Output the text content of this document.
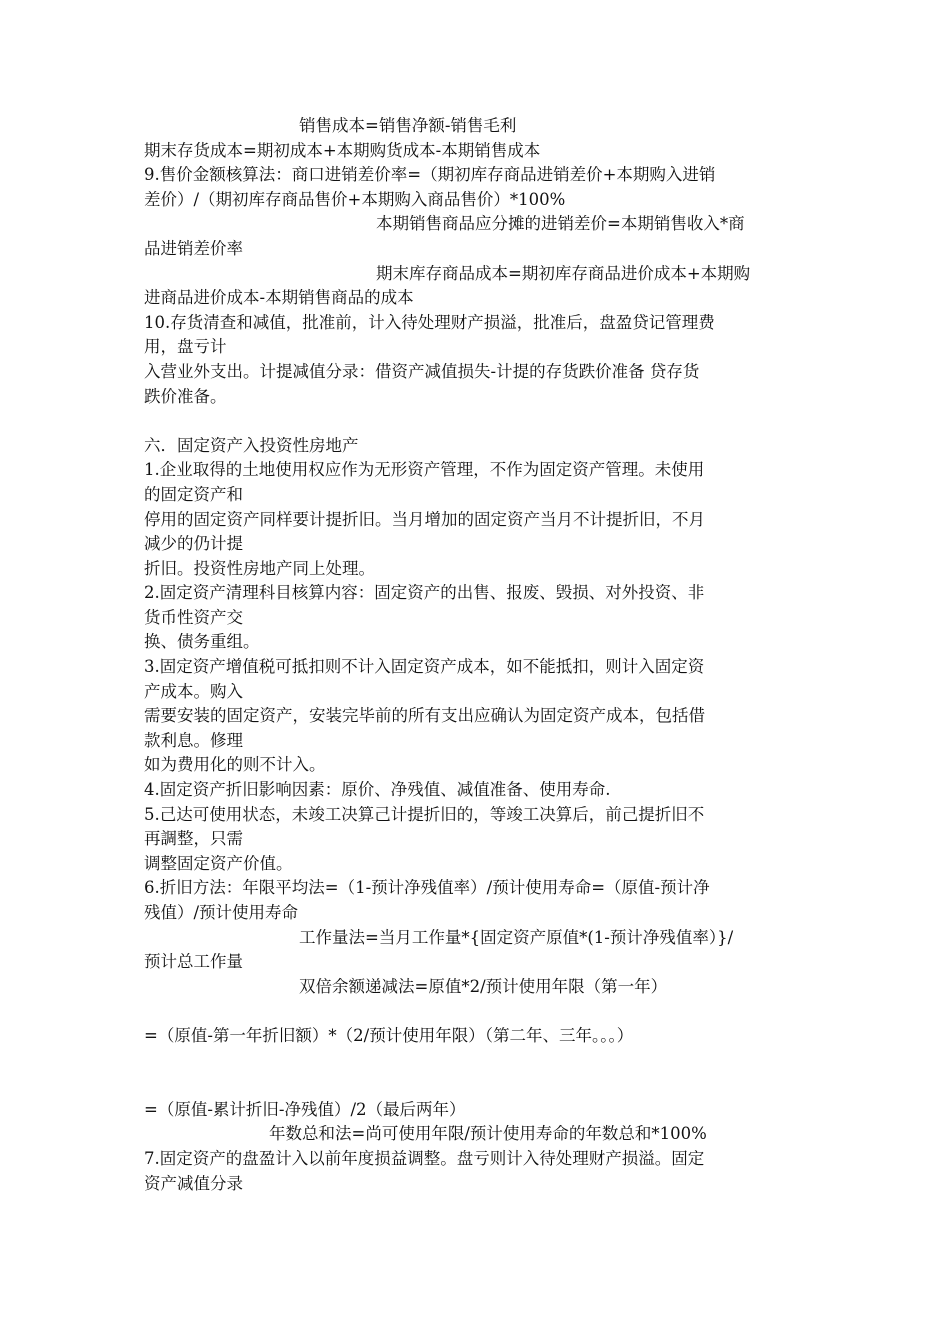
销售成本=销售净额-销售毛利
期末存货成本=期初成本+本期购货成本-本期销售成本
9.售价金额核算法：商口进销差价率=（期初库存商品进销差价+本期购入进销
差价）/（期初库存商品售价+本期购入商品售价）*100%
本期销售商品应分摊的进销差价=本期销售收入*商
品进销差价率
期末库存商品成本=期初库存商品进价成本+本期购
进商品进价成本-本期销售商品的成本
10.存货清查和减值，批准前，计入待处理财产损溢，批准后，盘盈贷记管理费
用，盘亏计
入营业外支出。计提减值分录：借资产减值损失-计提的存货跌价准备 贷存货
跌价准备。
六．固定资产入投资性房地产
1.企业取得的土地使用权应作为无形资产管理，不作为固定资产管理。未使用
的固定资产和
停用的固定资产同样要计提折旧。当月增加的固定资产当月不计提折旧，不月
减少的仍计提
折旧。投资性房地产同上处理。
2.固定资产清理科目核算内容：固定资产的出售、报废、毁损、对外投资、非
货币性资产交
换、债务重组。
3.固定资产增值税可抵扣则不计入固定资产成本，如不能抵扣，则计入固定资
产成本。购入
需要安装的固定资产，安装完毕前的所有支出应确认为固定资产成本，包括借
款利息。修理
如为费用化的则不计入。
4.固定资产折旧影响因素：原价、净残值、减值准备、使用寿命.
5.己达可使用状态，未竣工决算己计提折旧的，等竣工决算后，前己提折旧不
再調整，只需
调整固定资产价值。
6.折旧方法：年限平均法=（1-预计净残值率）/预计使用寿命=（原值-预计净
残值）/预计使用寿命
工作量法=当月工作量*{固定资产原值*(1-预计净残值率）}/
预计总工作量
双倍余额递减法=原值*2/预计使用年限（第一年）
=（原值-第一年折旧额）*（2/预计使用年限）（第二年、三年。。。）
=（原值-累计折旧-净残值）/2（最后两年）
年数总和法=尚可使用年限/预计使用寿命的年数总和*100%
7.固定资产的盘盈计入以前年度损益调整。盘亏则计入待处理财产损溢。固定
资产减值分录
